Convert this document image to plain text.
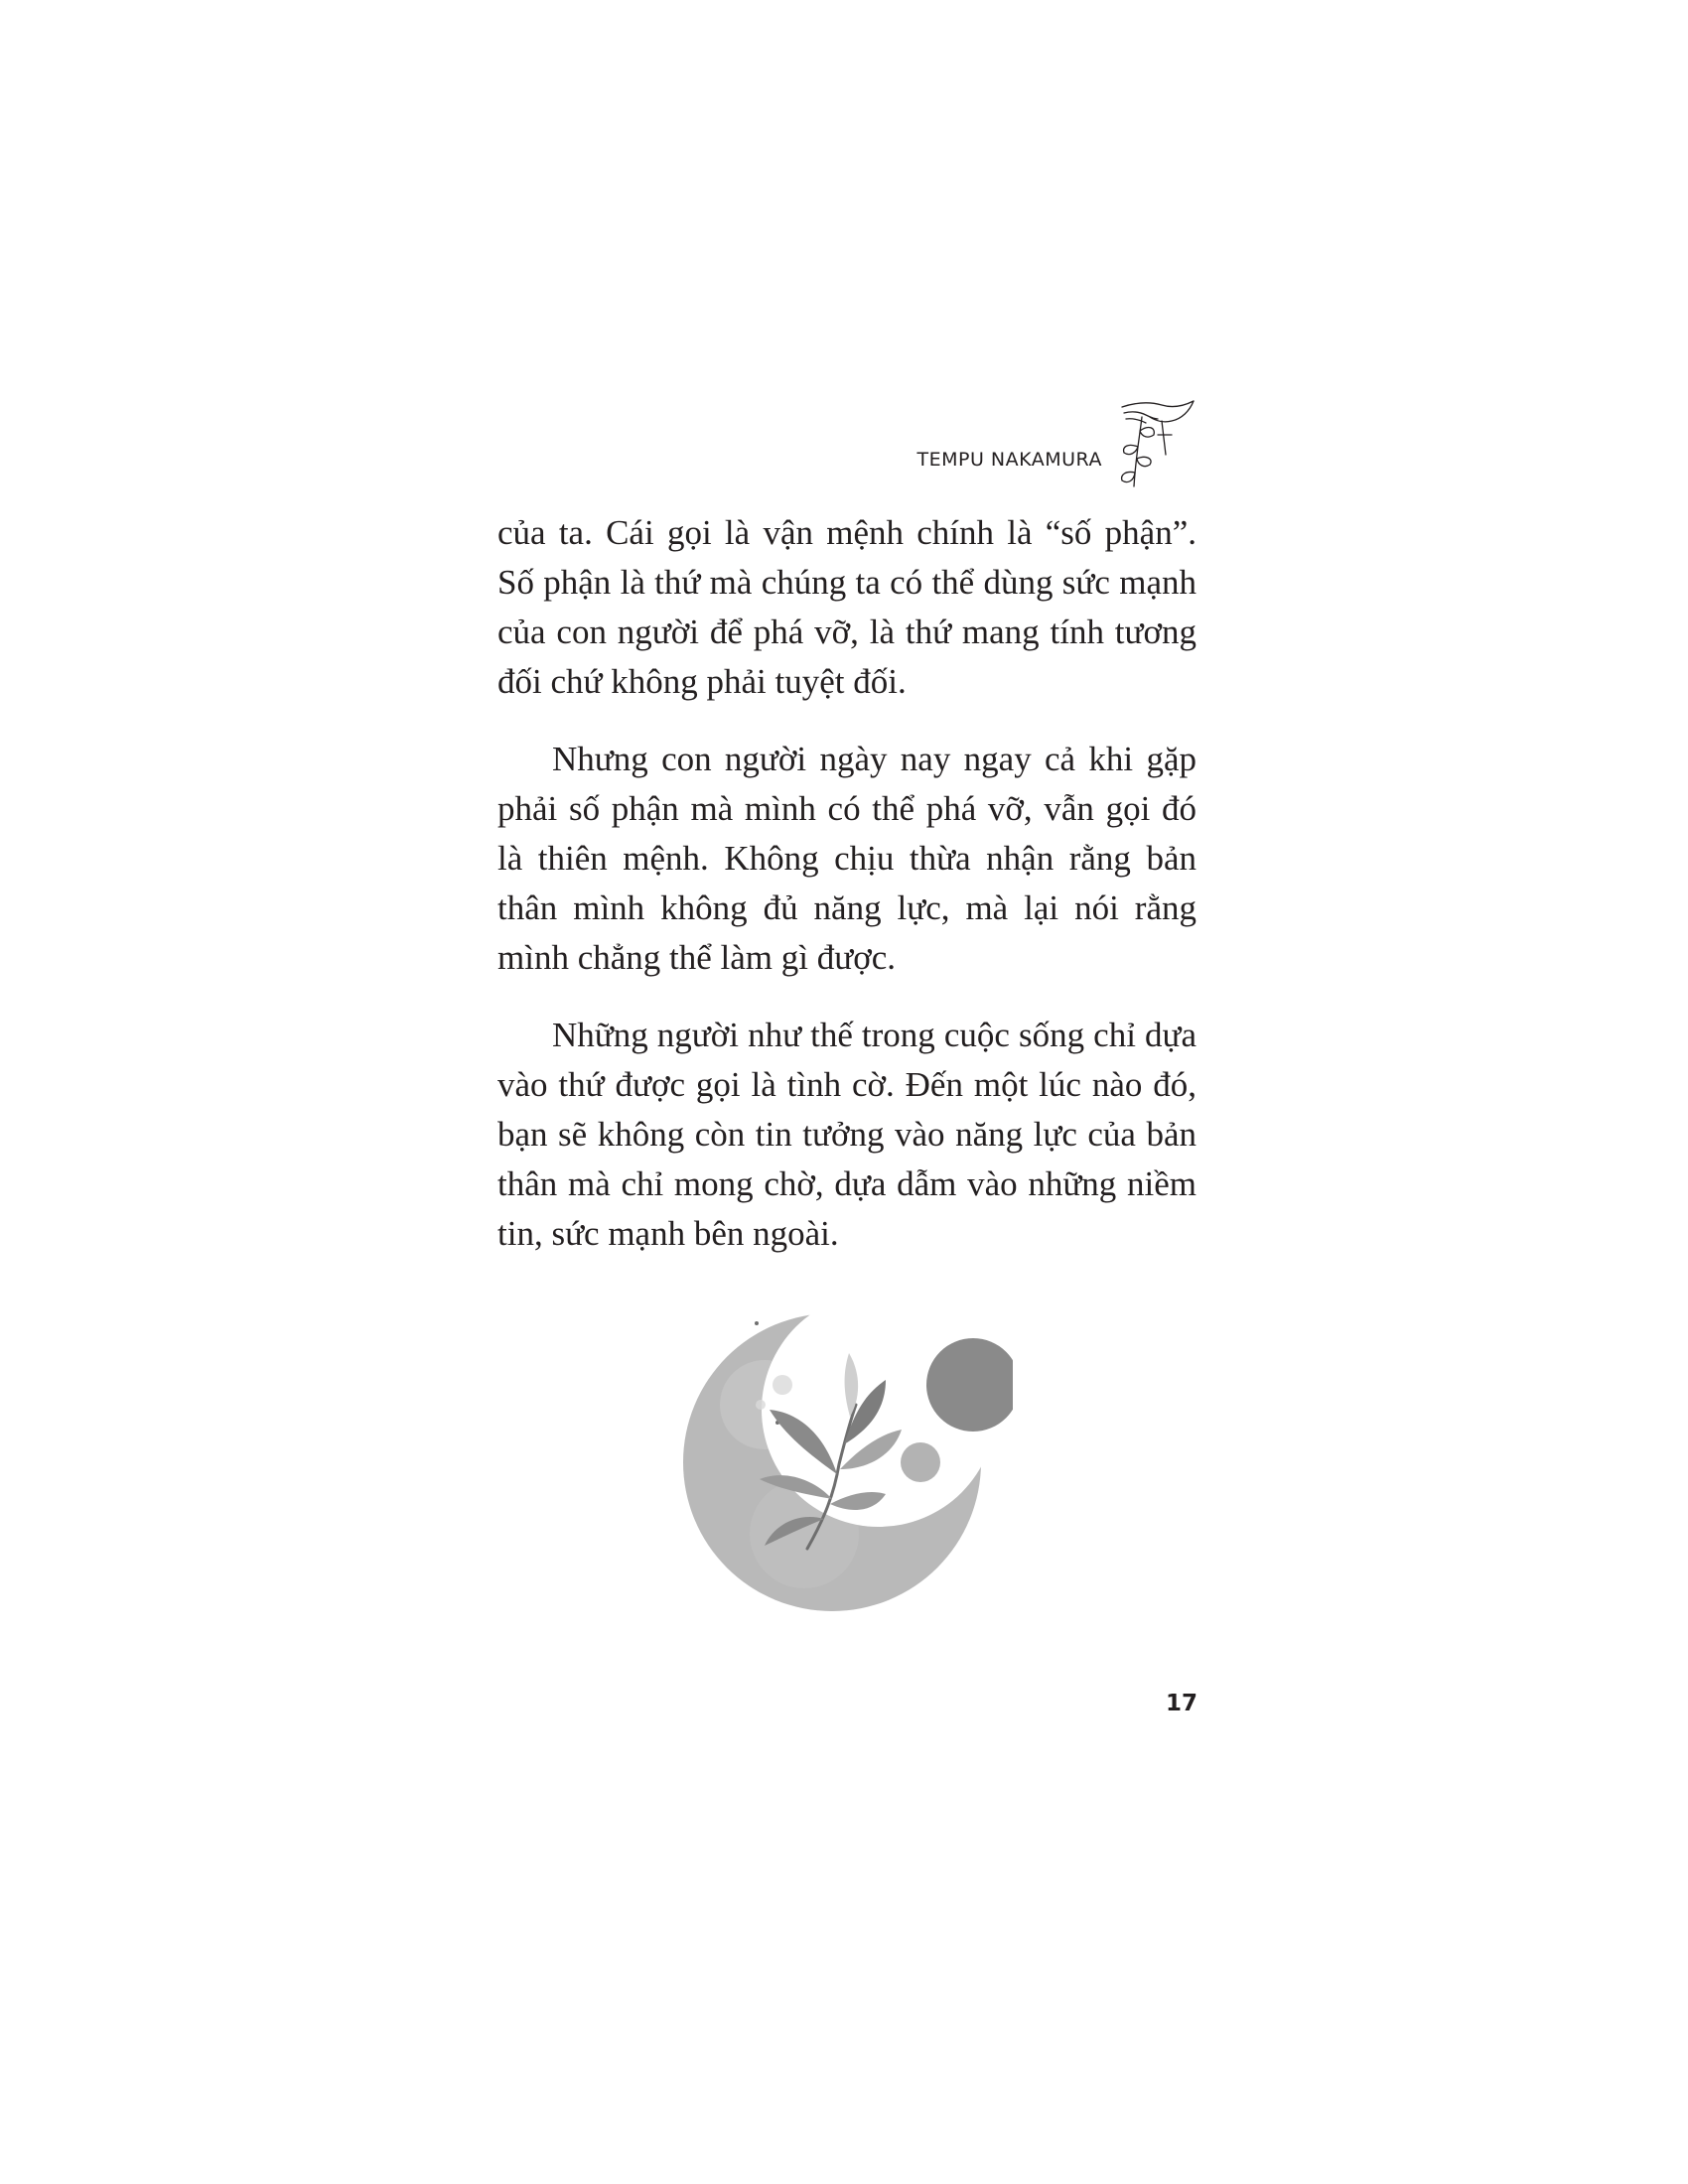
TEMPU NAKAMURA

của ta. Cái gọi là vận mệnh chính là “số phận”. Số phận là thứ mà chúng ta có thể dùng sức mạnh của con người để phá vỡ, là thứ mang tính tương đối chứ không phải tuyệt đối.

Nhưng con người ngày nay ngay cả khi gặp phải số phận mà mình có thể phá vỡ, vẫn gọi đó là thiên mệnh. Không chịu thừa nhận rằng bản thân mình không đủ năng lực, mà lại nói rằng mình chẳng thể làm gì được.

Những người như thế trong cuộc sống chỉ dựa vào thứ được gọi là tình cờ. Đến một lúc nào đó, bạn sẽ không còn tin tưởng vào năng lực của bản thân mà chỉ mong chờ, dựa dẫm vào những niềm tin, sức mạnh bên ngoài.

17
